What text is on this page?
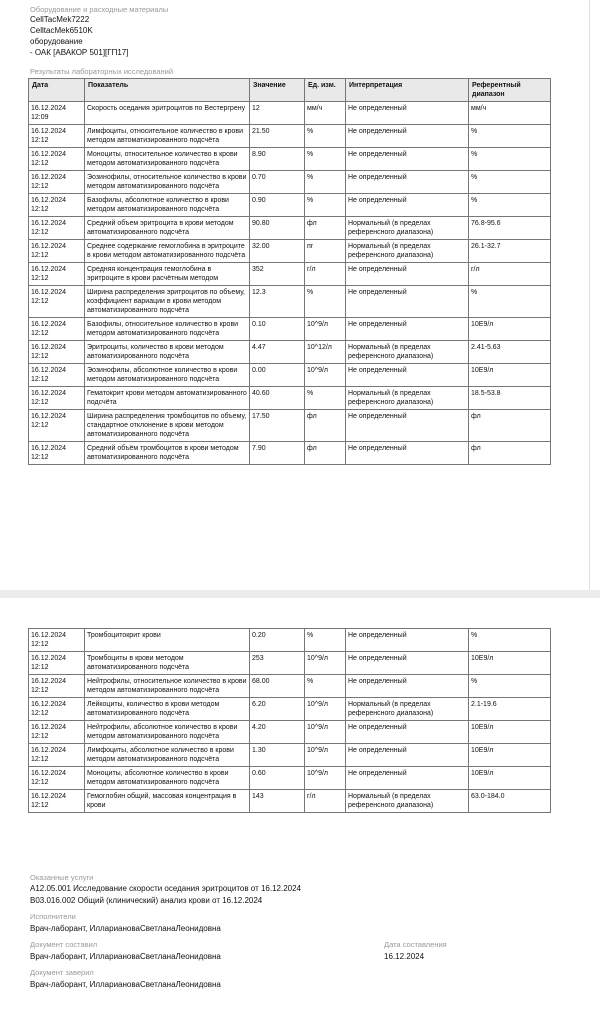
Оборудование и расходные материалы
CellTacMek7222
CelltacMek6510K
оборудование
- ОАК [АВАКОР 501][ГП17]
Результаты лабораторных исследований
Дата	Показатель	Значение	Ед. изм.	Интерпретация	Референтный диапазон
16.12.2024 12:09	Скорость оседания эритроцитов по Вестергрену	12	мм/ч	Не определенный	мм/ч
16.12.2024 12:12	Лимфоциты, относительное количество в крови методом автоматизированного подсчёта	21.50	%	Не определенный	%
16.12.2024 12:12	Моноциты, относительное количество в крови методом автоматизированного подсчёта	8.90	%	Не определенный	%
16.12.2024 12:12	Эозинофилы, относительное количество в крови методом автоматизированного подсчёта	0.70	%	Не определенный	%
16.12.2024 12:12	Базофилы, абсолютное количество в крови методом автоматизированного подсчёта	0.90	%	Не определенный	%
16.12.2024 12:12	Средний объем эритроцита в крови методом автоматизированного подсчёта	90.80	фл	Нормальный (в пределах референсного диапазона)	76.8-95.6
16.12.2024 12:12	Среднее содержание гемоглобина в эритроците в крови методом автоматизированного подсчёта	32.00	пг	Нормальный (в пределах референсного диапазона)	26.1-32.7
16.12.2024 12:12	Средняя концентрация гемоглобина в эритроците в крови расчётным методом	352	г/л	Не определенный	г/л
16.12.2024 12:12	Ширина распределения эритроцитов по объему, коэффициент вариации в крови методом автоматизированного подсчёта	12.3	%	Не определенный	%
16.12.2024 12:12	Базофилы, относительное количество в крови методом автоматизированного подсчёта	0.10	10^9/л	Не определенный	10E9/л
16.12.2024 12:12	Эритроциты, количество в крови методом автоматизированного подсчёта	4.47	10^12/л	Нормальный (в пределах референсного диапазона)	2.41-5.63
16.12.2024 12:12	Эозинофилы, абсолютное количество в крови методом автоматизированного подсчёта	0.00	10^9/л	Не определенный	10E9/л
16.12.2024 12:12	Гематокрит крови методом автоматизированного подсчёта	40.60	%	Нормальный (в пределах референсного диапазона)	18.5-53.8
16.12.2024 12:12	Ширина распределения тромбоцитов по объему, стандартное отклонение в крови методом автоматизированного подсчёта	17.50	фл	Не определенный	фл
16.12.2024 12:12	Средний объём тромбоцитов в крови методом автоматизированного подсчёта	7.90	фл	Не определенный	фл
16.12.2024 12:12	Тромбоцитокрит крови	0.20	%	Не определенный	%
16.12.2024 12:12	Тромбоциты в крови методом автоматизированного подсчёта	253	10^9/л	Не определенный	10E9/л
16.12.2024 12:12	Нейтрофилы, относительное количество в крови методом автоматизированного подсчёта	68.00	%	Не определенный	%
16.12.2024 12:12	Лейкоциты, количество в крови методом автоматизированного подсчёта	6.20	10^9/л	Нормальный (в пределах референсного диапазона)	2.1-19.6
16.12.2024 12:12	Нейтрофилы, абсолютное количество в крови методом автоматизированного подсчёта	4.20	10^9/л	Не определенный	10E9/л
16.12.2024 12:12	Лимфоциты, абсолютное количество в крови методом автоматизированного подсчёта	1.30	10^9/л	Не определенный	10E9/л
16.12.2024 12:12	Моноциты, абсолютное количество в крови методом автоматизированного подсчёта	0.60	10^9/л	Не определенный	10E9/л
16.12.2024 12:12	Гемоглобин общий, массовая концентрация в крови	143	г/л	Нормальный (в пределах референсного диапазона)	63.0-184.0
Оказанные услуги
A12.05.001 Исследование скорости оседания эритроцитов от 16.12.2024
B03.016.002 Общий (клинический) анализ крови от 16.12.2024
Исполнители
Врач-лаборант, ИллариановаСветланаЛеонидовна
Документ составил
Врач-лаборант, ИллариановаСветланаЛеонидовна
Дата составления
16.12.2024
Документ заверил
Врач-лаборант, ИллариановаСветланаЛеонидовна
